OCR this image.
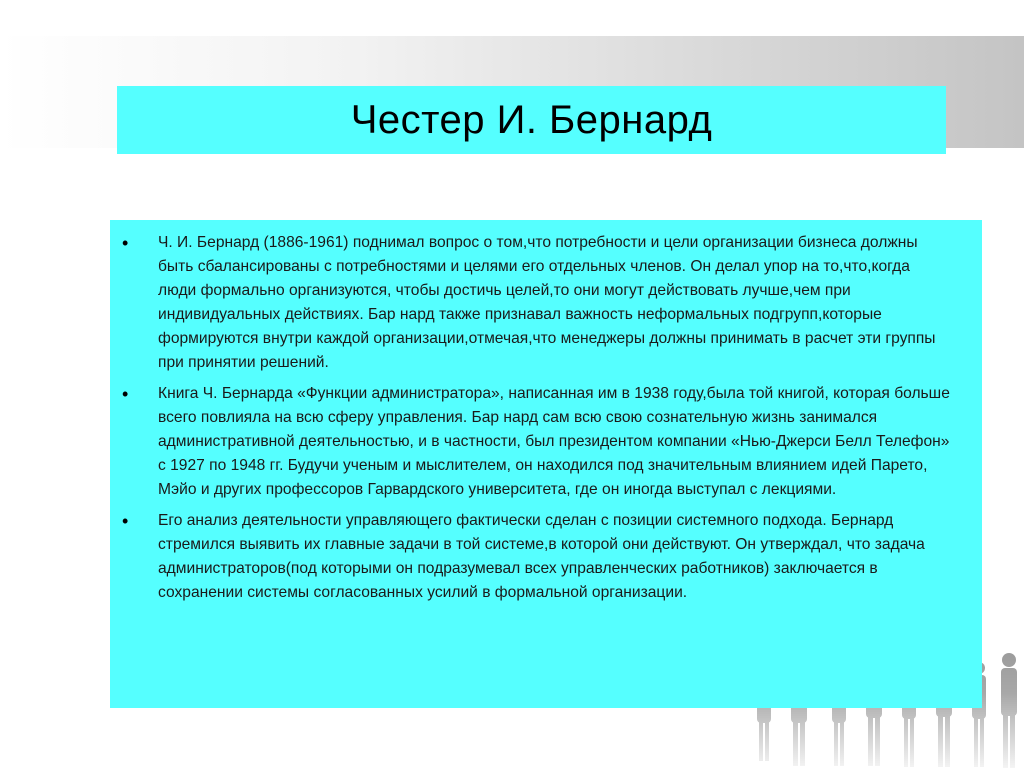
Честер И. Бернард
• Ч. И. Бернард (1886-1961) поднимал вопрос о том,что потребности и цели организации бизнеса должны быть сбалансированы с потребностями и целями его отдельных членов. Он делал упор на то,что,когда люди формально организуются, чтобы достичь целей,то они могут действовать лучше,чем при индивидуальных действиях. Бар нард также признавал важность неформальных подгрупп,которые формируются внутри каждой организации,отмечая,что менеджеры должны принимать в расчет эти группы при принятии решений.
• Книга Ч. Бернарда «Функции администратора», написанная им в 1938 году,была той книгой, которая больше всего повлияла на всю сферу управления. Бар нард сам всю свою сознательную жизнь занимался административной деятельностью, и в частности, был президентом компании «Нью-Джерси Белл Телефон» с 1927 по 1948 гг. Будучи ученым и мыслителем, он находился под значительным влиянием идей Парето, Мэйо и других профессоров Гарвардского университета, где он иногда выступал с лекциями.
• Его анализ деятельности управляющего фактически сделан с позиции системного подхода. Бернард стремился выявить их главные задачи в той системе,в которой они действуют. Он утверждал, что задача администраторов(под которыми он подразумевал всех управленческих работников) заключается в сохранении системы согласованных усилий в формальной организации.
